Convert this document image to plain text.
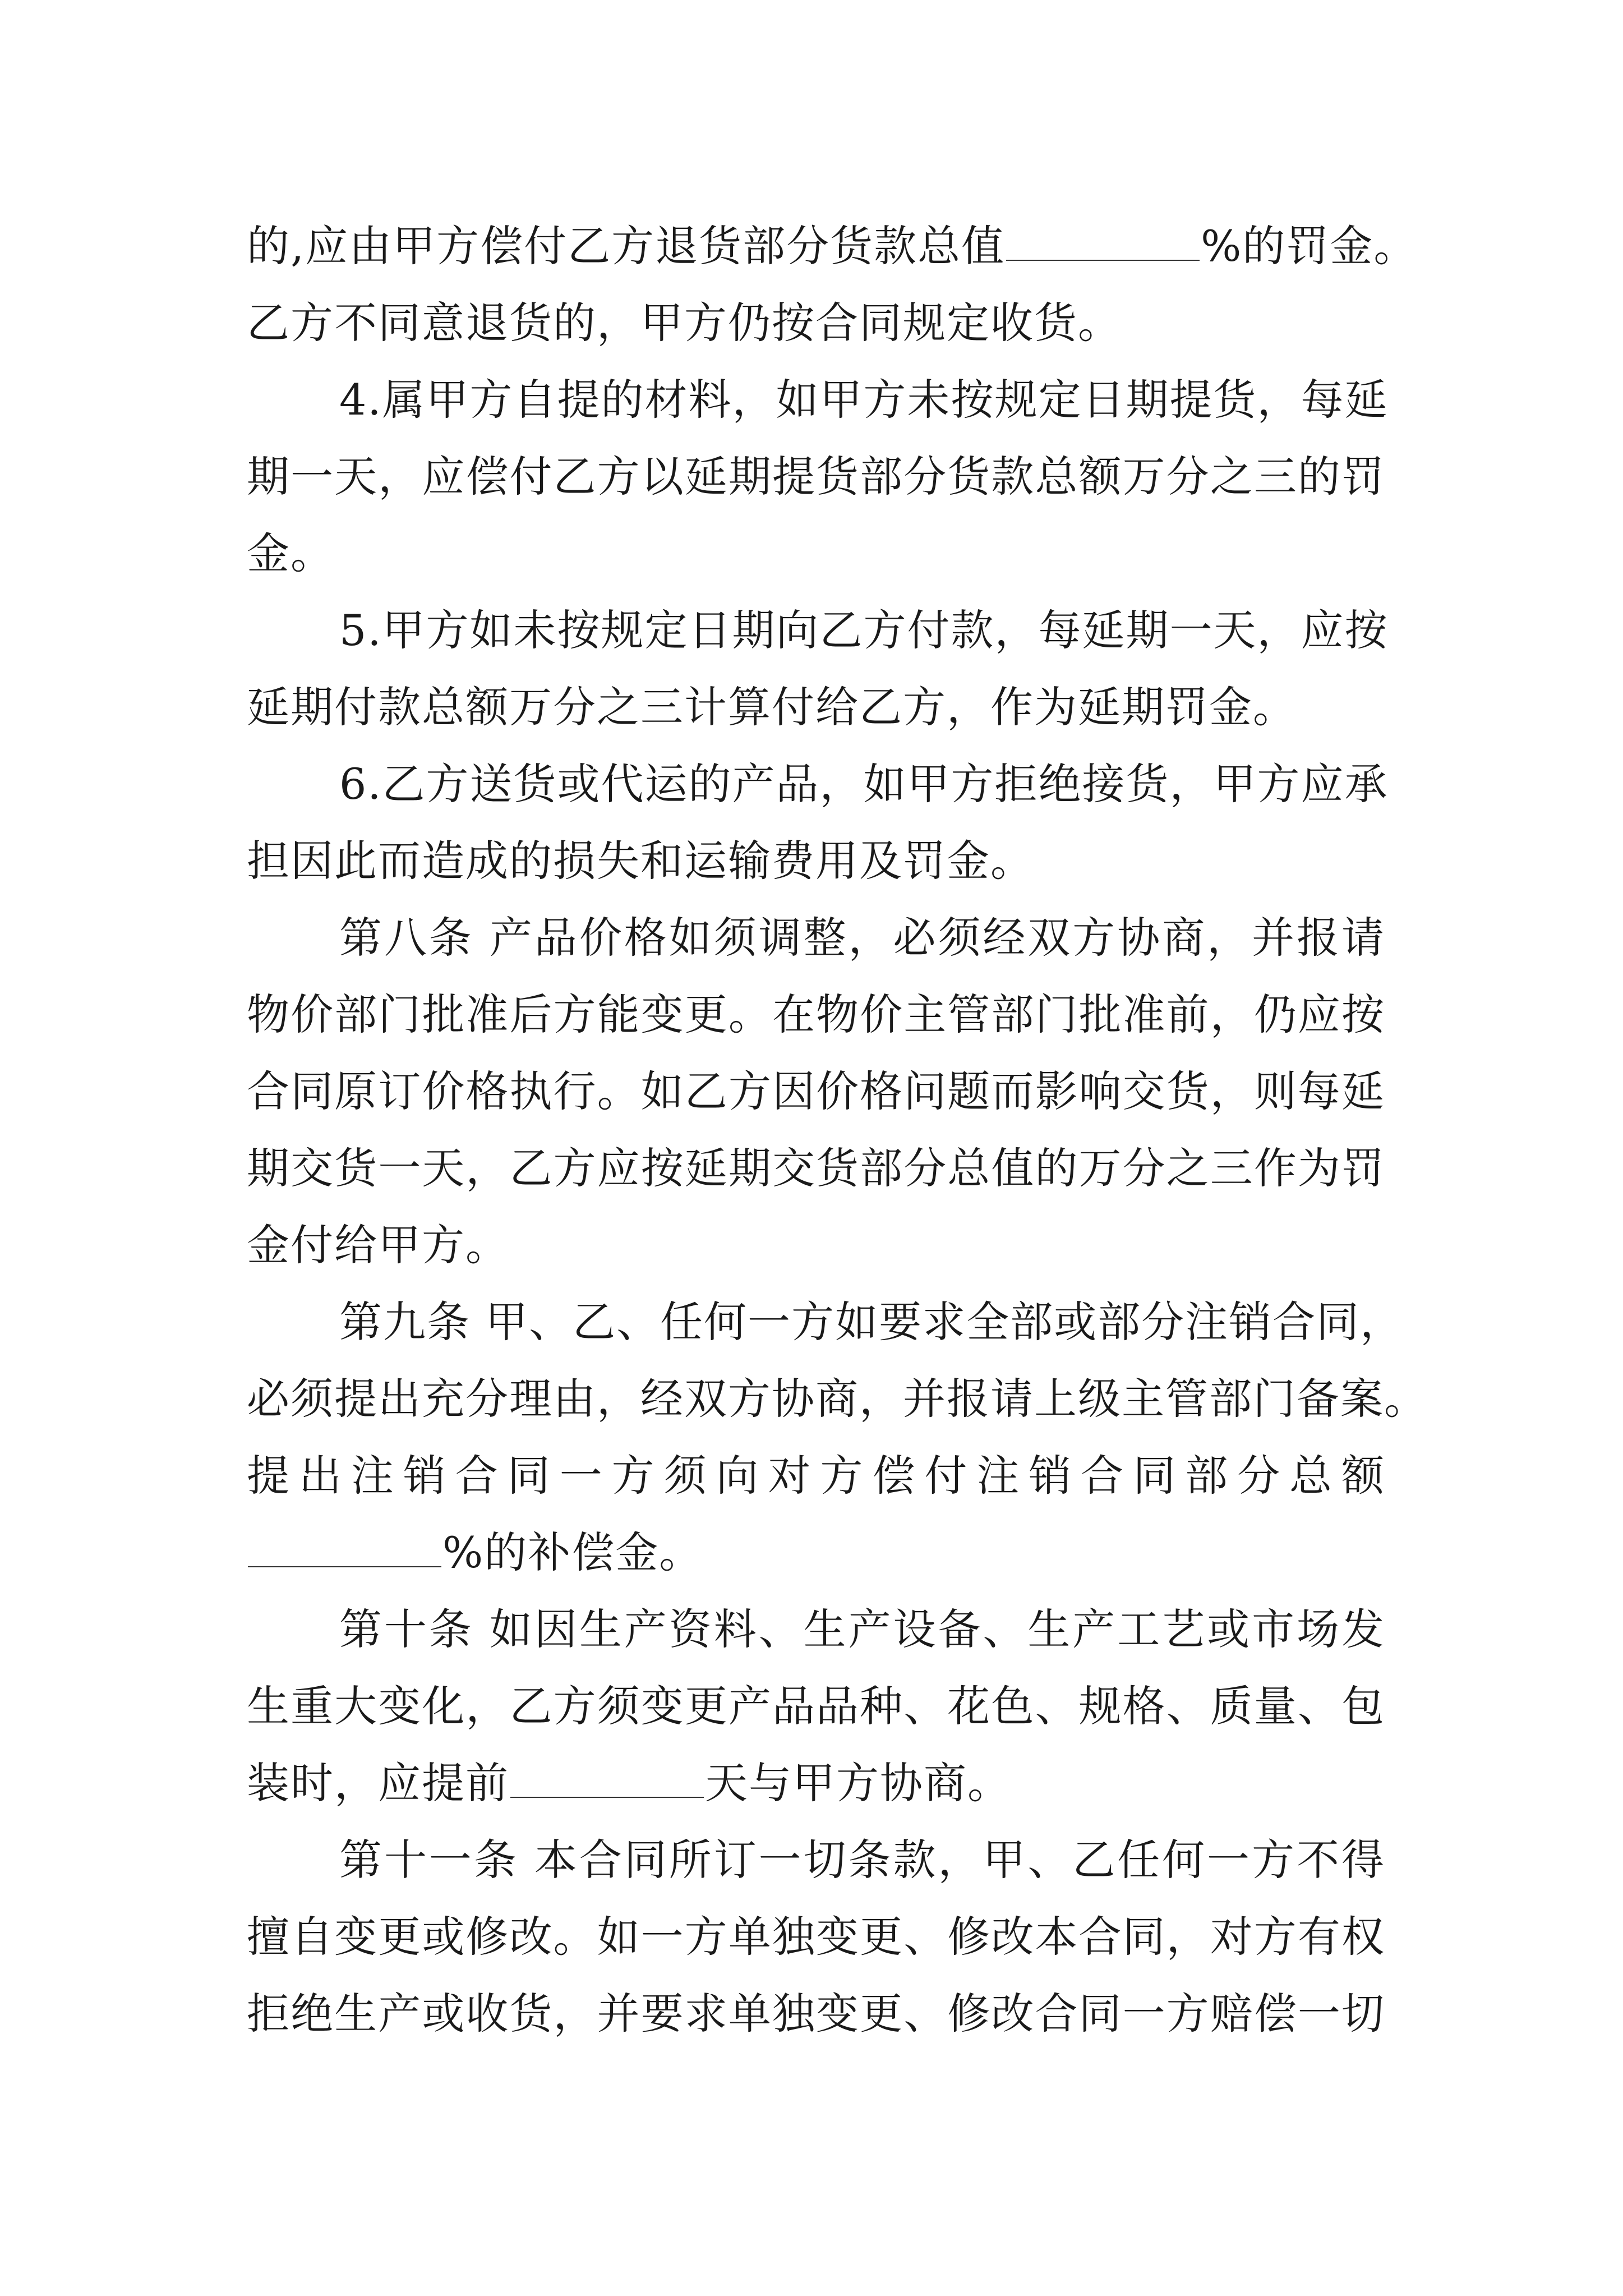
的,应由甲方偿付乙方退货部分货款总值	%的罚金。
乙方不同意退货的，甲方仍按合同规定收货。
4.属甲方自提的材料，如甲方未按规定日期提货，每延
期一天，应偿付乙方以延期提货部分货款总额万分之三的罚
金。
5.甲方如未按规定日期向乙方付款，每延期一天，应按
延期付款总额万分之三计算付给乙方，作为延期罚金。
6.乙方送货或代运的产品，如甲方拒绝接货，甲方应承
担因此而造成的损失和运输费用及罚金。
第八条 产品价格如须调整，必须经双方协商，并报请
物价部门批准后方能变更。在物价主管部门批准前，仍应按
合同原订价格执行。如乙方因价格问题而影响交货，则每延
期交货一天，乙方应按延期交货部分总值的万分之三作为罚
金付给甲方。
第九条 甲、乙、任何一方如要求全部或部分注销合同，
必须提出充分理由，经双方协商，并报请上级主管部门备案。
提出注销合同一方须向对方偿付注销合同部分总额
%的补偿金。
第十条 如因生产资料、生产设备、生产工艺或市场发
生重大变化，乙方须变更产品品种、花色、规格、质量、包
装时，应提前	天与甲方协商。
第十一条 本合同所订一切条款，甲、乙任何一方不得
擅自变更或修改。如一方单独变更、修改本合同，对方有权
拒绝生产或收货，并要求单独变更、修改合同一方赔偿一切
